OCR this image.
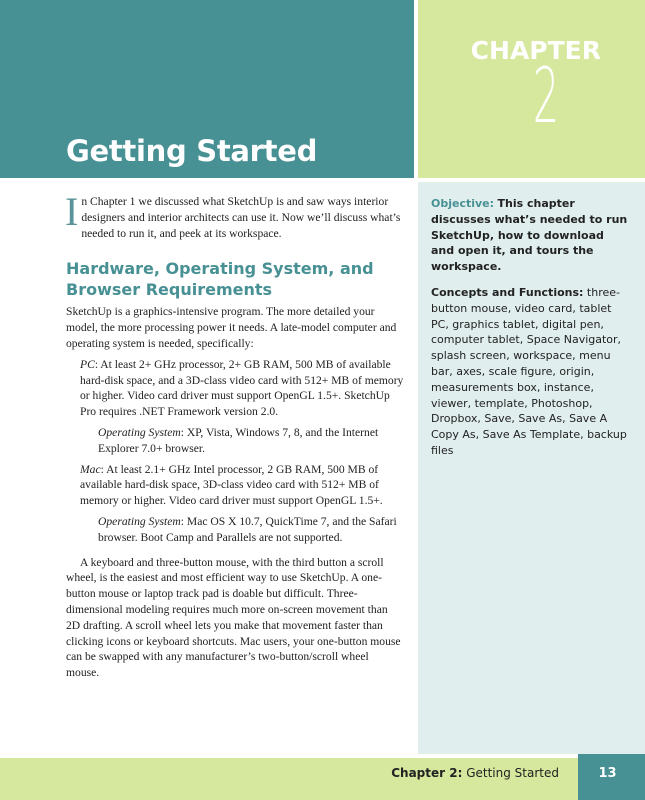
CHAPTER
2
Getting Started

In Chapter 1 we discussed what SketchUp is and saw ways interior designers and interior architects can use it. Now we’ll discuss what’s needed to run it, and peek at its workspace.

Hardware, Operating System, and Browser Requirements

SketchUp is a graphics-intensive program. The more detailed your model, the more processing power it needs. A late-model computer and operating system is needed, specifically:

PC: At least 2+ GHz processor, 2+ GB RAM, 500 MB of available hard-disk space, and a 3D-class video card with 512+ MB of memory or higher. Video card driver must support OpenGL 1.5+. SketchUp Pro requires .NET Framework version 2.0.

Operating System: XP, Vista, Windows 7, 8, and the Internet Explorer 7.0+ browser.

Mac: At least 2.1+ GHz Intel processor, 2 GB RAM, 500 MB of available hard-disk space, 3D-class video card with 512+ MB of memory or higher. Video card driver must support OpenGL 1.5+.

Operating System: Mac OS X 10.7, QuickTime 7, and the Safari browser. Boot Camp and Parallels are not supported.

A keyboard and three-button mouse, with the third button a scroll wheel, is the easiest and most efficient way to use SketchUp. A one-button mouse or laptop track pad is doable but difficult. Three-dimensional modeling requires much more on-screen movement than 2D drafting. A scroll wheel lets you make that movement faster than clicking icons or keyboard shortcuts. Mac users, your one-button mouse can be swapped with any manufacturer’s two-button/scroll wheel mouse.

Objective: This chapter discusses what’s needed to run SketchUp, how to download and open it, and tours the workspace.

Concepts and Functions: three-button mouse, video card, tablet PC, graphics tablet, digital pen, computer tablet, Space Navigator, splash screen, workspace, menu bar, axes, scale figure, origin, measurements box, instance, viewer, template, Photoshop, Dropbox, Save, Save As, Save A Copy As, Save As Template, backup files

Chapter 2: Getting Started	13
